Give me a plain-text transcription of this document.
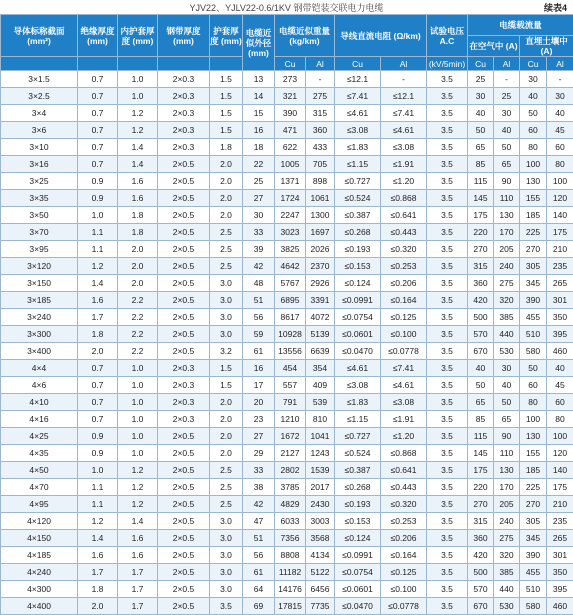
YJV22、YJLV22-0.6/1KV 钢带铠装交联电力电缆	续表4
导体标称截面 (mm²)	绝缘厚度 (mm)	内护套厚度 (mm)	钢带厚度 (mm)	护套厚度 (mm)	电缆近似外径 (mm)	电缆近似重量 (kg/km)		导线直流电阻 (Ω/km)		试验电压 A.C	电缆载流量			
											在空气中 (A)		直埋土壤中 (A)	
						Cu	Al	Cu	Al	(kV/5min)	Cu	Al	Cu	Al
3×1.5	0.7	1.0	2×0.3	1.5	13	273	-	≤12.1	-	3.5	25	-	30	-
3×2.5	0.7	1.0	2×0.3	1.5	14	321	275	≤7.41	≤12.1	3.5	30	25	40	30
3×4	0.7	1.2	2×0.3	1.5	15	390	315	≤4.61	≤7.41	3.5	40	30	50	40
3×6	0.7	1.2	2×0.3	1.5	16	471	360	≤3.08	≤4.61	3.5	50	40	60	45
3×10	0.7	1.4	2×0.3	1.8	18	622	433	≤1.83	≤3.08	3.5	65	50	80	60
3×16	0.7	1.4	2×0.5	2.0	22	1005	705	≤1.15	≤1.91	3.5	85	65	100	80
3×25	0.9	1.6	2×0.5	2.0	25	1371	898	≤0.727	≤1.20	3.5	115	90	130	100
3×35	0.9	1.6	2×0.5	2.0	27	1724	1061	≤0.524	≤0.868	3.5	145	110	155	120
3×50	1.0	1.8	2×0.5	2.0	30	2247	1300	≤0.387	≤0.641	3.5	175	130	185	140
3×70	1.1	1.8	2×0.5	2.5	33	3023	1697	≤0.268	≤0.443	3.5	220	170	225	175
3×95	1.1	2.0	2×0.5	2.5	39	3825	2026	≤0.193	≤0.320	3.5	270	205	270	210
3×120	1.2	2.0	2×0.5	2.5	42	4642	2370	≤0.153	≤0.253	3.5	315	240	305	235
3×150	1.4	2.0	2×0.5	3.0	48	5767	2926	≤0.124	≤0.206	3.5	360	275	345	265
3×185	1.6	2.2	2×0.5	3.0	51	6895	3391	≤0.0991	≤0.164	3.5	420	320	390	301
3×240	1.7	2.2	2×0.5	3.0	56	8617	4072	≤0.0754	≤0.125	3.5	500	385	455	350
3×300	1.8	2.2	2×0.5	3.0	59	10928	5139	≤0.0601	≤0.100	3.5	570	440	510	395
3×400	2.0	2.2	2×0.5	3.2	61	13556	6639	≤0.0470	≤0.0778	3.5	670	530	580	460
4×4	0.7	1.0	2×0.3	1.5	16	454	354	≤4.61	≤7.41	3.5	40	30	50	40
4×6	0.7	1.0	2×0.3	1.5	17	557	409	≤3.08	≤4.61	3.5	50	40	60	45
4×10	0.7	1.0	2×0.3	2.0	20	791	539	≤1.83	≤3.08	3.5	65	50	80	60
4×16	0.7	1.0	2×0.3	2.0	23	1210	810	≤1.15	≤1.91	3.5	85	65	100	80
4×25	0.9	1.0	2×0.5	2.0	27	1672	1041	≤0.727	≤1.20	3.5	115	90	130	100
4×35	0.9	1.0	2×0.5	2.0	29	2127	1243	≤0.524	≤0.868	3.5	145	110	155	120
4×50	1.0	1.2	2×0.5	2.5	33	2802	1539	≤0.387	≤0.641	3.5	175	130	185	140
4×70	1.1	1.2	2×0.5	2.5	38	3785	2017	≤0.268	≤0.443	3.5	220	170	225	175
4×95	1.1	1.2	2×0.5	2.5	42	4829	2430	≤0.193	≤0.320	3.5	270	205	270	210
4×120	1.2	1.4	2×0.5	3.0	47	6033	3003	≤0.153	≤0.253	3.5	315	240	305	235
4×150	1.4	1.6	2×0.5	3.0	51	7356	3568	≤0.124	≤0.206	3.5	360	275	345	265
4×185	1.6	1.6	2×0.5	3.0	56	8808	4134	≤0.0991	≤0.164	3.5	420	320	390	301
4×240	1.7	1.7	2×0.5	3.0	61	11182	5122	≤0.0754	≤0.125	3.5	500	385	455	350
4×300	1.8	1.7	2×0.5	3.0	64	14176	6456	≤0.0601	≤0.100	3.5	570	440	510	395
4×400	2.0	1.7	2×0.5	3.5	69	17815	7735	≤0.0470	≤0.0778	3.5	670	530	580	460
